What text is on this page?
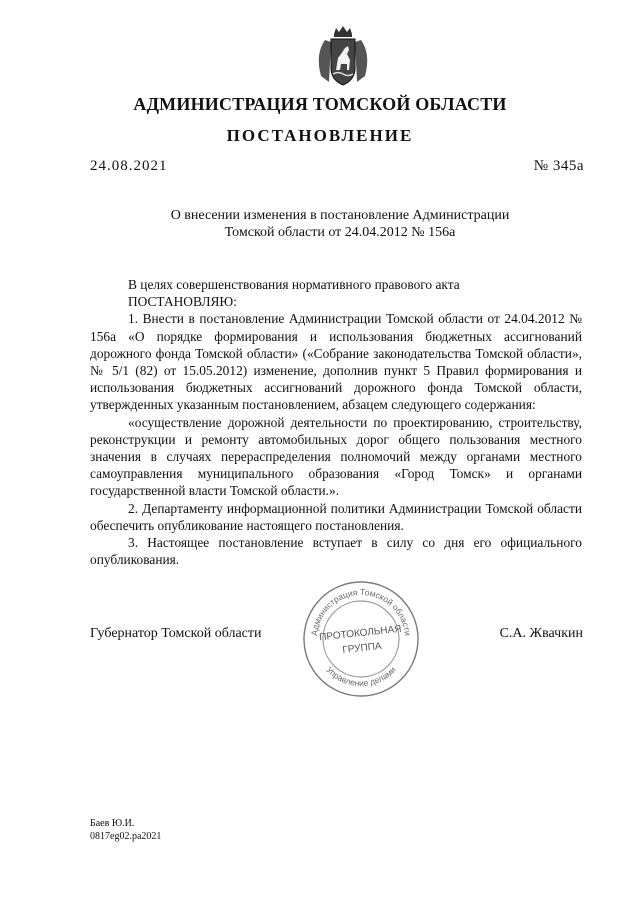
АДМИНИСТРАЦИЯ ТОМСКОЙ ОБЛАСТИ
ПОСТАНОВЛЕНИЕ
24.08.2021	№ 345а
О внесении изменения в постановление Администрации
Томской области от 24.04.2012 № 156а

В целях совершенствования нормативного правового акта

ПОСТАНОВЛЯЮ:

1. Внести в постановление Администрации Томской области от 24.04.2012 № 156а «О порядке формирования и использования бюджетных ассигнований дорожного фонда Томской области» («Собрание законодательства Томской области», № 5/1 (82) от 15.05.2012) изменение, дополнив пункт 5 Правил формирования и использования бюджетных ассигнований дорожного фонда Томской области, утвержденных указанным постановлением, абзацем следующего содержания:

«осуществление дорожной деятельности по проектированию, строительству, реконструкции и ремонту автомобильных дорог общего пользования местного значения в случаях перераспределения полномочий между органами местного самоуправления муниципального образования «Город Томск» и органами государственной власти Томской области.».

2. Департаменту информационной политики Администрации Томской области обеспечить опубликование настоящего постановления.

3. Настоящее постановление вступает в силу со дня его официального опубликования.

Губернатор Томской области	С.А. Жвачкин
Администрация Томской области
Управление делами
ПРОТОКОЛЬНАЯ
ГРУППА
Баев Ю.И.
0817eg02.ра2021
